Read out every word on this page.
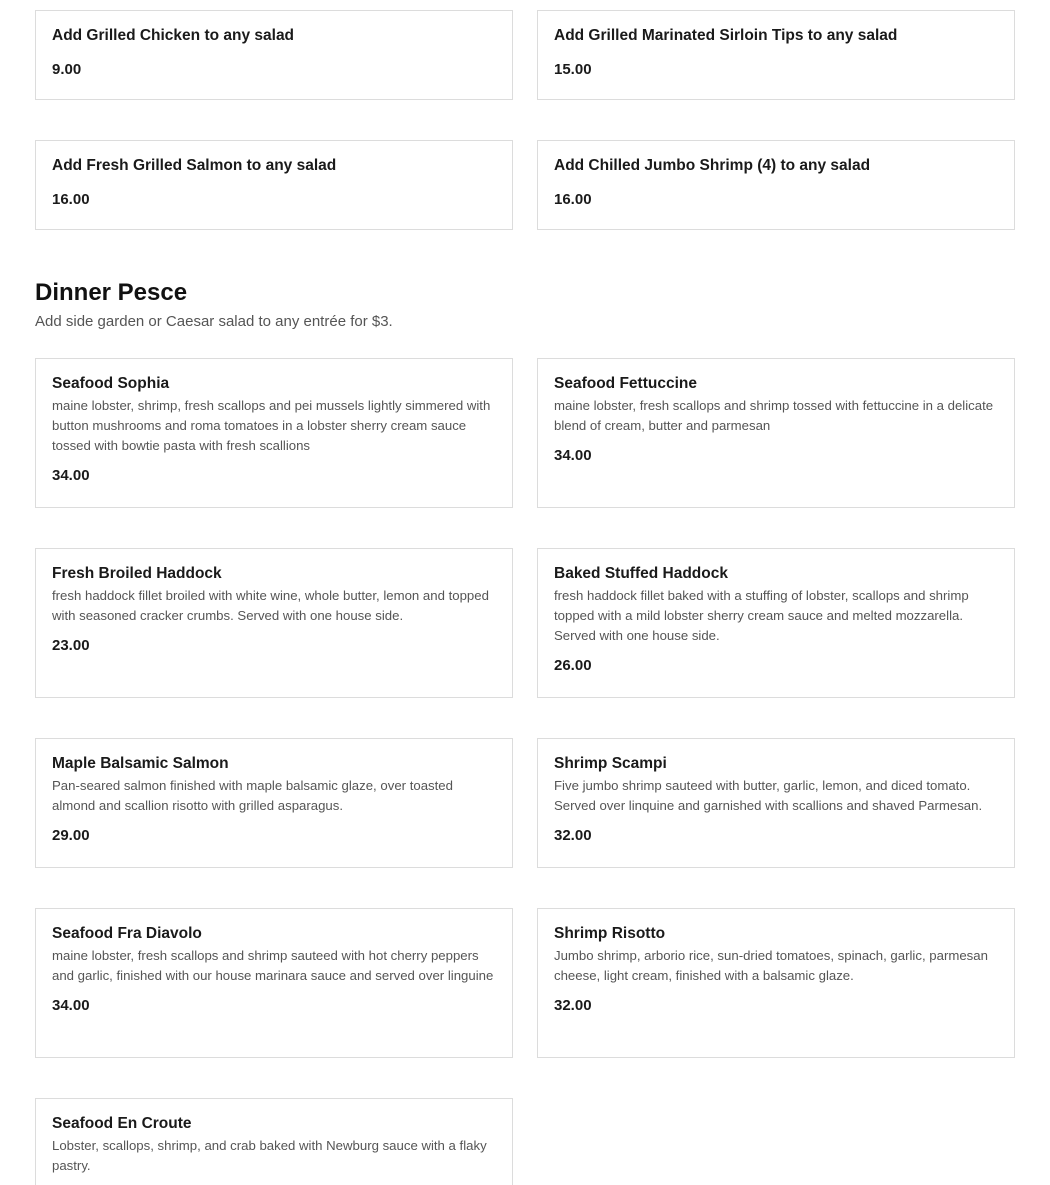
Add Grilled Chicken to any salad
9.00
Add Grilled Marinated Sirloin Tips to any salad
15.00
Add Fresh Grilled Salmon to any salad
16.00
Add Chilled Jumbo Shrimp (4) to any salad
16.00
Dinner Pesce

Add side garden or Caesar salad to any entrée for $3.

Seafood Sophia
maine lobster, shrimp, fresh scallops and pei mussels lightly simmered with button mushrooms and roma tomatoes in a lobster sherry cream sauce tossed with bowtie pasta with fresh scallions
34.00
Seafood Fettuccine
maine lobster, fresh scallops and shrimp tossed with fettuccine in a delicate blend of cream, butter and parmesan
34.00
Fresh Broiled Haddock
fresh haddock fillet broiled with white wine, whole butter, lemon and topped with seasoned cracker crumbs. Served with one house side.
23.00
Baked Stuffed Haddock
fresh haddock fillet baked with a stuffing of lobster, scallops and shrimp topped with a mild lobster sherry cream sauce and melted mozzarella. Served with one house side.
26.00
Maple Balsamic Salmon
Pan-seared salmon finished with maple balsamic glaze, over toasted almond and scallion risotto with grilled asparagus.
29.00
Shrimp Scampi
Five jumbo shrimp sauteed with butter, garlic, lemon, and diced tomato. Served over linquine and garnished with scallions and shaved Parmesan.
32.00
Seafood Fra Diavolo
maine lobster, fresh scallops and shrimp sauteed with hot cherry peppers and garlic, finished with our house marinara sauce and served over linguine
34.00
Shrimp Risotto
Jumbo shrimp, arborio rice, sun-dried tomatoes, spinach, garlic, parmesan cheese, light cream, finished with a balsamic glaze.
32.00
Seafood En Croute
Lobster, scallops, shrimp, and crab baked with Newburg sauce with a flaky pastry.
